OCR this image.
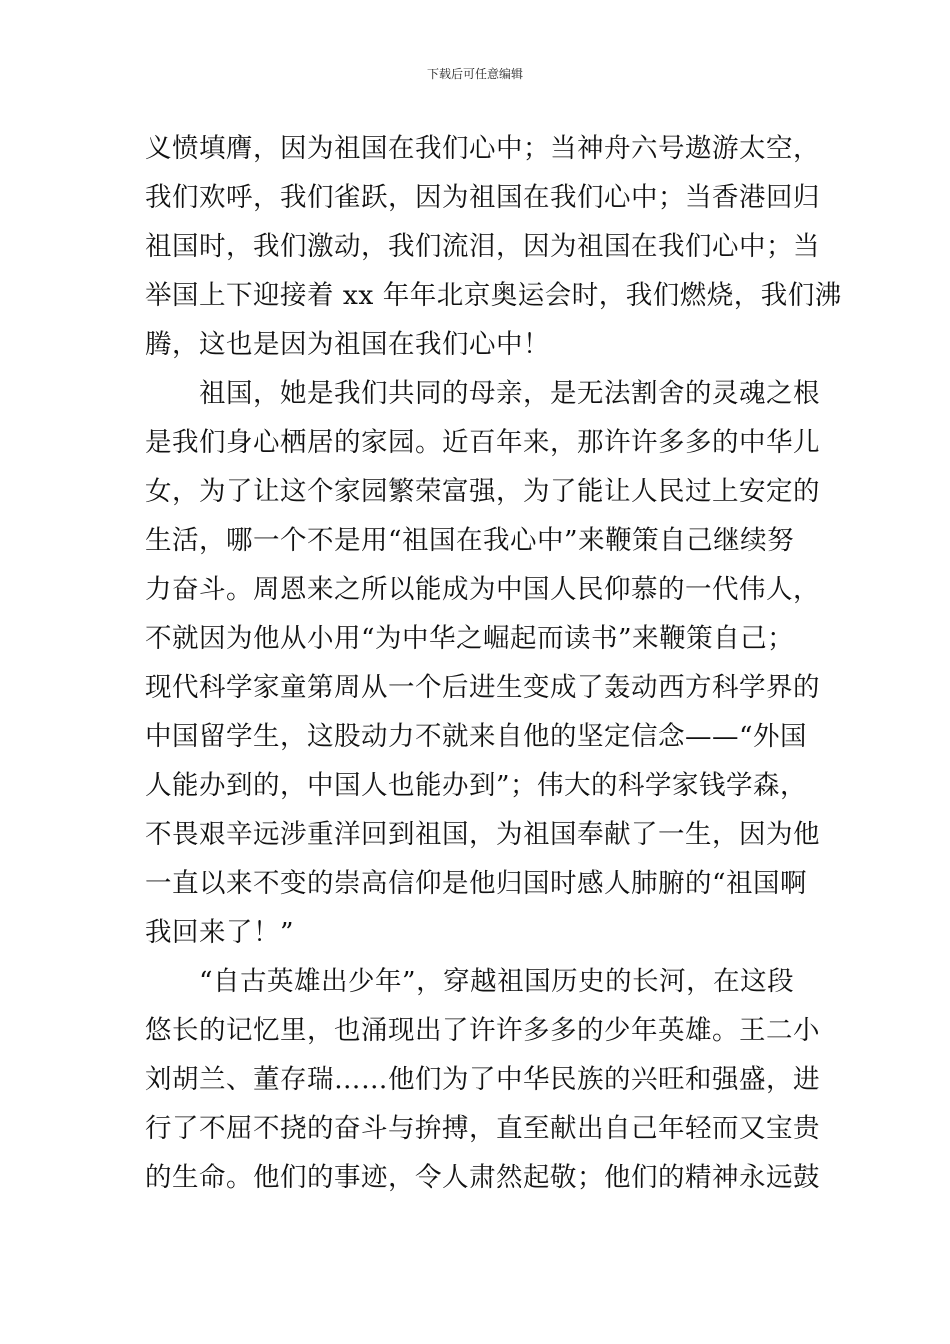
下载后可任意编辑
义愤填膺，因为祖国在我们心中；当神舟六号遨游太空，
我们欢呼，我们雀跃，因为祖国在我们心中；当香港回归
祖国时，我们激动，我们流泪，因为祖国在我们心中；当
举国上下迎接着 xx 年年北京奥运会时，我们燃烧，我们沸
腾，这也是因为祖国在我们心中！
祖国，她是我们共同的母亲，是无法割舍的灵魂之根
是我们身心栖居的家园。近百年来，那许许多多的中华儿
女，为了让这个家园繁荣富强，为了能让人民过上安定的
生活，哪一个不是用“祖国在我心中”来鞭策自己继续努
力奋斗。周恩来之所以能成为中国人民仰慕的一代伟人，
不就因为他从小用“为中华之崛起而读书”来鞭策自己；
现代科学家童第周从一个后进生变成了轰动西方科学界的
中国留学生，这股动力不就来自他的坚定信念——“外国
人能办到的，中国人也能办到”；伟大的科学家钱学森，
不畏艰辛远涉重洋回到祖国，为祖国奉献了一生，因为他
一直以来不变的崇高信仰是他归国时感人肺腑的“祖国啊
我回来了！”
“自古英雄出少年”，穿越祖国历史的长河，在这段
悠长的记忆里，也涌现出了许许多多的少年英雄。王二小
刘胡兰、董存瑞……他们为了中华民族的兴旺和强盛，进
行了不屈不挠的奋斗与拚搏，直至献出自己年轻而又宝贵
的生命。他们的事迹，令人肃然起敬；他们的精神永远鼓
